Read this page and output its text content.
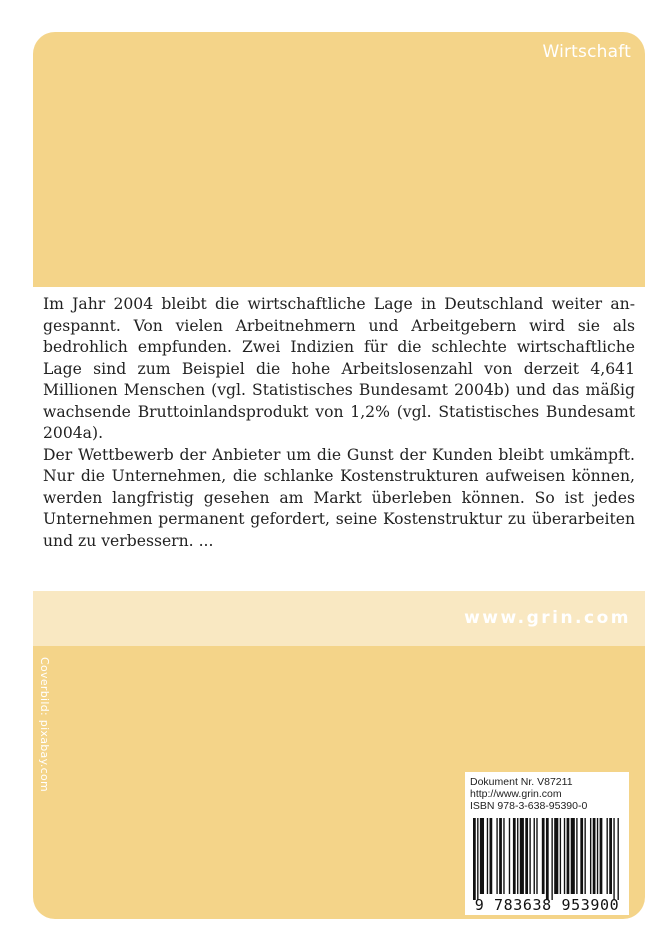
Wirtschaft

Im Jahr 2004 bleibt die wirtschaftliche Lage in Deutschland weiter angespannt. Von vielen Arbeitnehmern und Arbeitgebern wird sie als bedrohlich empfunden. Zwei Indizien für die schlechte wirtschaftliche Lage sind zum Beispiel die hohe Arbeitslosenzahl von derzeit 4,641 Millionen Menschen (vgl. Statistisches Bundesamt 2004b) und das mäßig wachsende Bruttoinlandsprodukt von 1,2% (vgl. Statistisches Bundesamt 2004a).

Der Wettbewerb der Anbieter um die Gunst der Kunden bleibt umkämpft. Nur die Unternehmen, die schlanke Kostenstrukturen aufweisen können, werden langfristig gesehen am Markt überleben können. So ist jedes Unternehmen permanent gefordert, seine Kostenstruktur zu überarbeiten und zu verbessern. ...

www.grin.com
Coverbild: pixabay.com	Dokument Nr. V87211
http://www.grin.com
ISBN 978-3-638-95390-0
9 783638 953900
